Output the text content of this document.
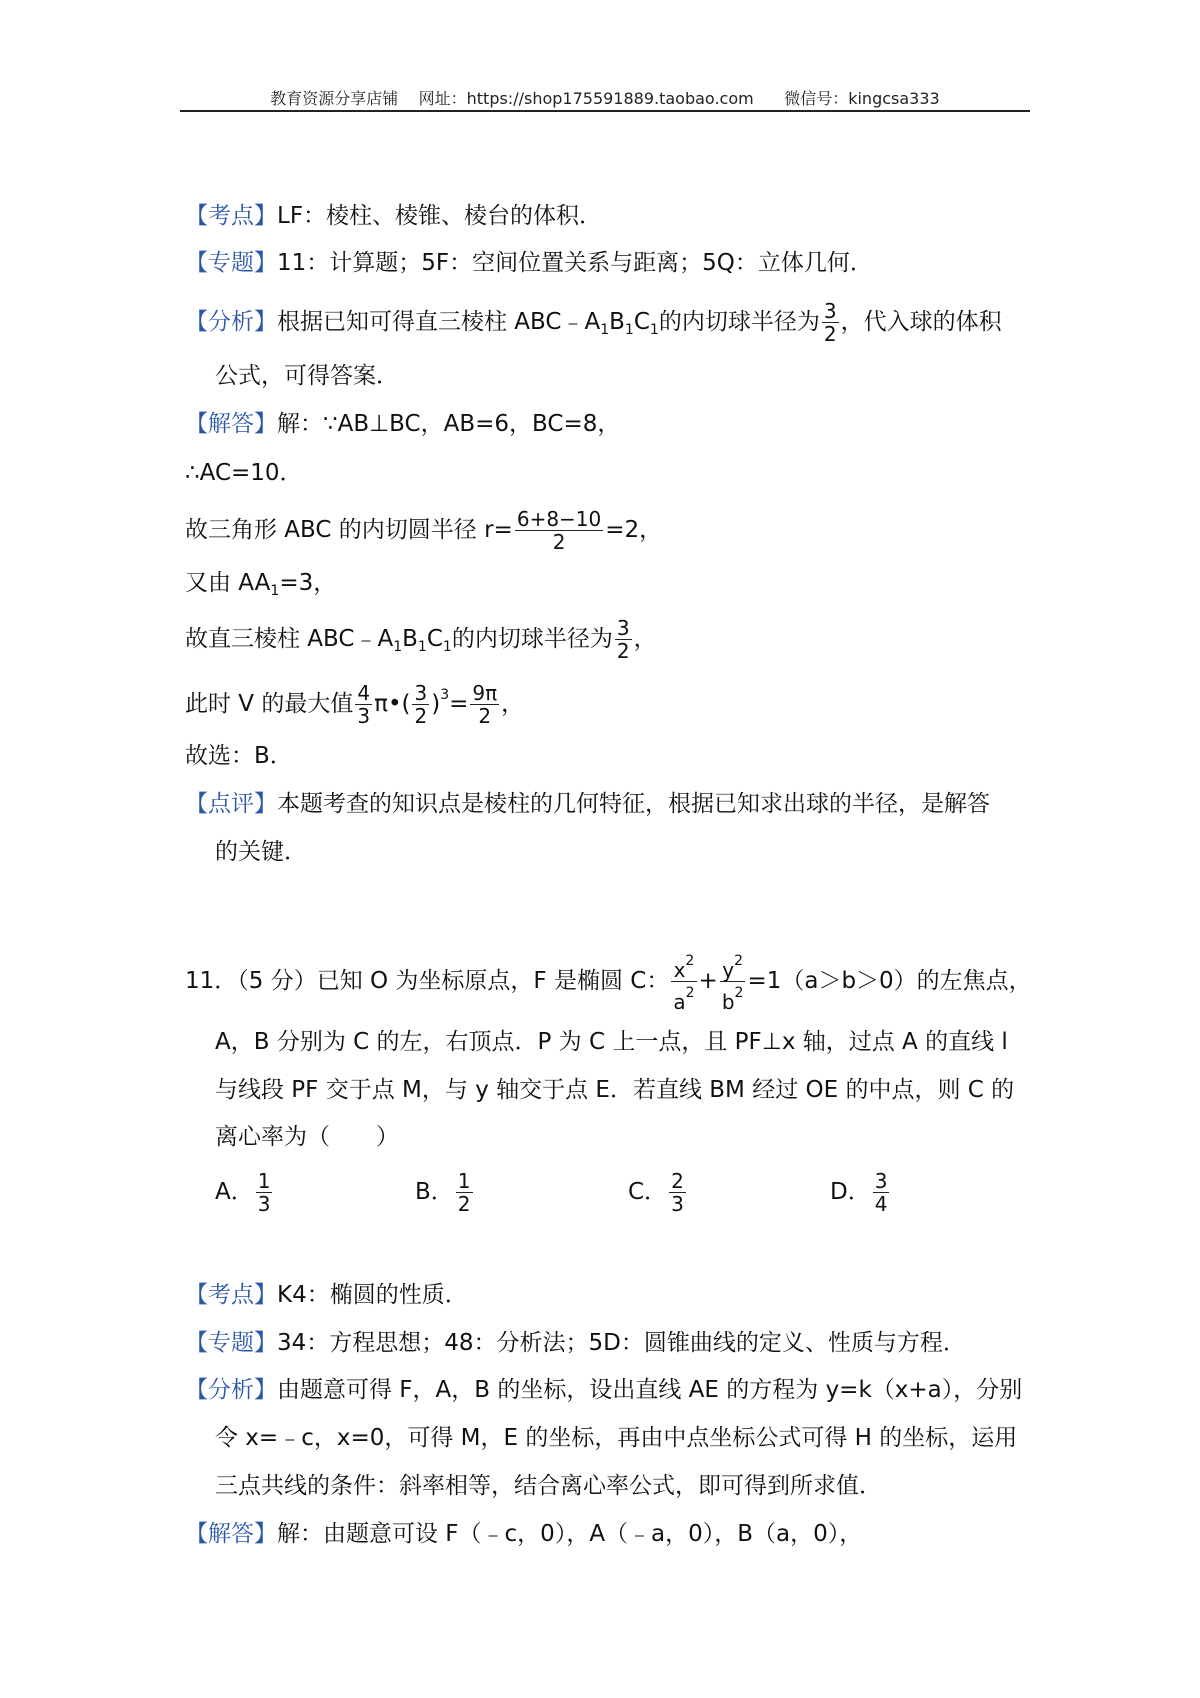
教育资源分享店铺    网址：https://shop175591889.taobao.com      微信号：kingcsa333
【考点】LF：棱柱、棱锥、棱台的体积．
【专题】11：计算题；5F：空间位置关系与距离；5Q：立体几何．
【分析】根据已知可得直三棱柱 $ABC﹣A_1B_1C_1$的内切球半径为 $\frac{3}{2}$ ，代入球的体积
公式，可得答案．
【解答】解：∵AB⊥BC，AB=6，BC=8，
∴AC=10．
故三角形 ABC 的内切圆半径 $r= \frac{6+8-10}{2} =2$，
又由 $AA_1=3$，
故直三棱柱 $ABC﹣A_1B_1C_1$的内切球半径为 $\frac{3}{2}$ ，
此时 V 的最大值 $\frac{4}{3}$ π•( $\frac{3}{2} )^3= \frac{9\pi}{2}$ ，
故选：B．
【点评】本题考查的知识点是棱柱的几何特征，根据已知求出球的半径，是解答
的关键．
11．（5 分）已知 O 为坐标原点，F 是椭圆 C： $\frac{x^2}{a^2} + \frac{y^2}{b^2} =1(a>b>0)$的左焦点，
A，B 分别为 C 的左，右顶点．P 为 C 上一点，且 PF⊥x 轴，过点 A 的直线 l
与线段 PF 交于点 M，与 y 轴交于点 E．若直线 BM 经过 OE 的中点，则 C 的
离心率为（　　）
A． $\frac{1}{3}$	B． $\frac{1}{2}$	C． $\frac{2}{3}$	D． $\frac{3}{4}$
【考点】K4：椭圆的性质．
【专题】34：方程思想；48：分析法；5D：圆锥曲线的定义、性质与方程．
【分析】由题意可得 F，A，B 的坐标，设出直线 AE 的方程为 y=k（x+a），分别
令 x=﹣c，x=0，可得 M，E 的坐标，再由中点坐标公式可得 H 的坐标，运用
三点共线的条件：斜率相等，结合离心率公式，即可得到所求值．
【解答】解：由题意可设 F（﹣c，0），A（﹣a，0），B（a，0），
